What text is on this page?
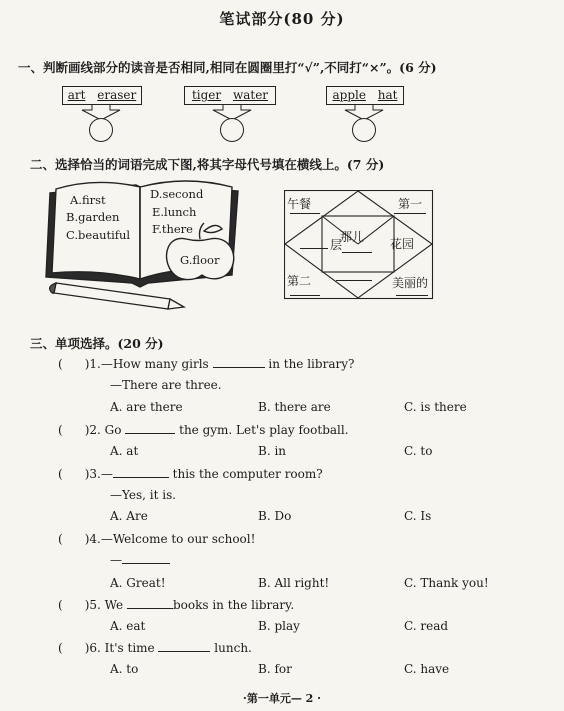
笔试部分(80 分)
一、判断画线部分的读音是否相同,相同在圆圈里打“√”,不同打“×”。(6 分)
art eraser	tiger water	apple hat
二、选择恰当的词语完成下图,将其字母代号填在横线上。(7 分)
A.first
B.garden
C.beautiful
D.second
E.lunch
F.there
G.floor
午餐	第一
层
那儿 花园
第二	美丽的
三、单项选择。(20 分)
( )1.—How many girls	in the library?
—There are three.
A. are there	B. there are	C. is there
( )2. Go	the gym. Let's play football.
A. at	B. in	C. to
( )3.—	this the computer room?
—Yes, it is.
A. Are	B. Do	C. Is
( )4.—Welcome to our school!
—
A. Great!	B. All right!	C. Thank you!
( )5. We	books in the library.
A. eat	B. play	C. read
( )6. It's time	lunch.
A. to	B. for	C. have
·第一单元— 2 ·
